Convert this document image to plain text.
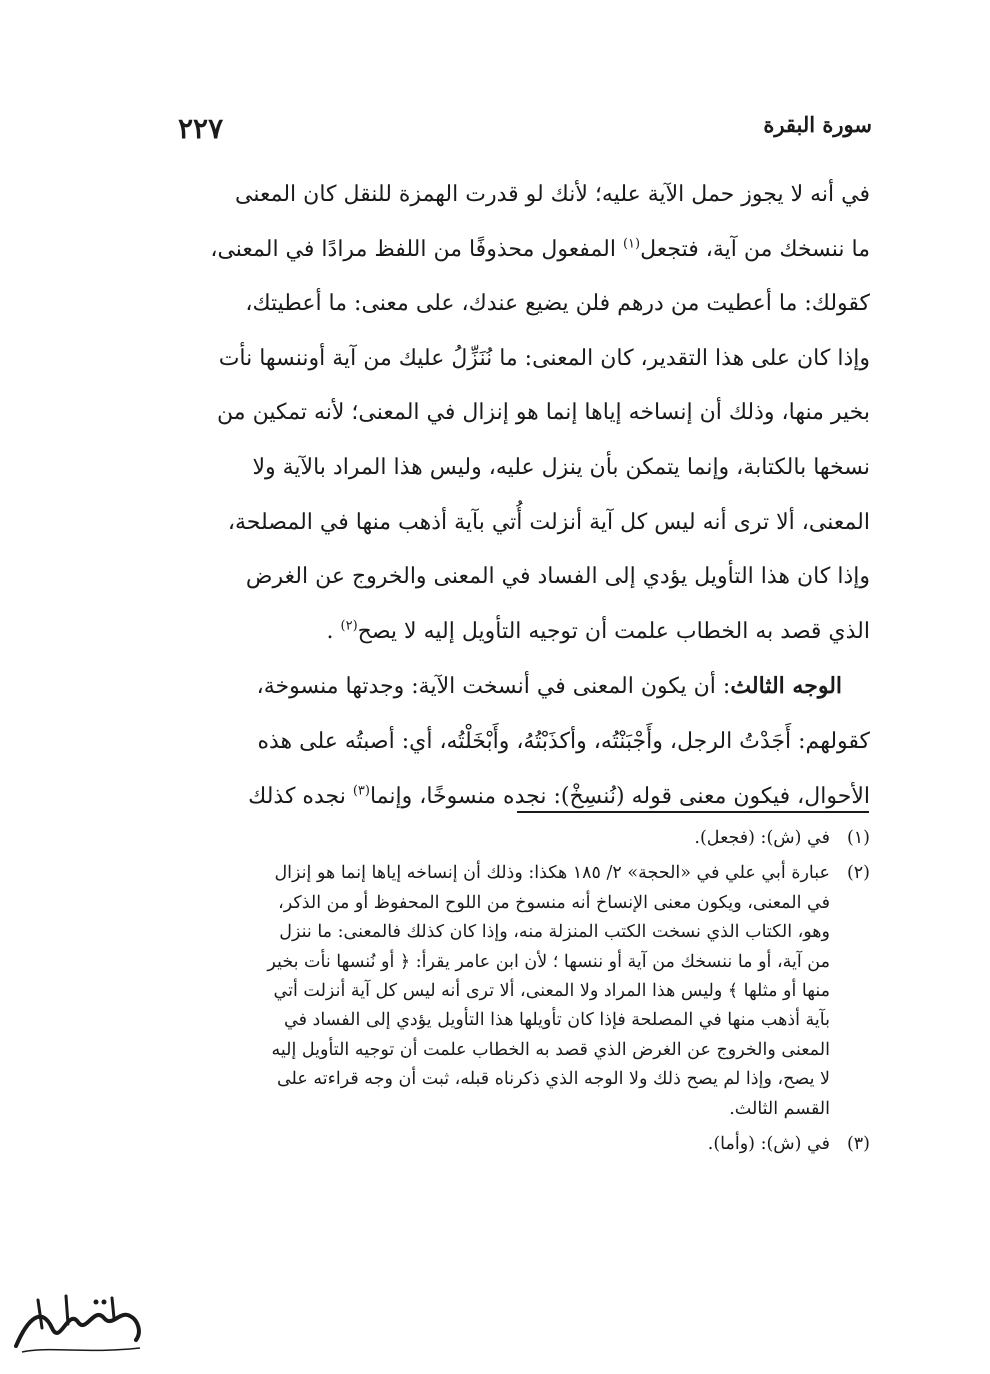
سورة البقرة
٢٢٧

في أنه لا يجوز حمل الآية عليه؛ لأنك لو قدرت الهمزة للنقل كان المعنى
ما ننسخك من آية، فتجعل$^{(١)}$ المفعول محذوفًا من اللفظ مرادًا في المعنى،
كقولك: ما أعطيت من درهم فلن يضيع عندك، على معنى: ما أعطيتك،
وإذا كان على هذا التقدير، كان المعنى: ما نُنَزِّلُ عليك من آية أوننسها نأت
بخير منها، وذلك أن إنساخه إياها إنما هو إنزال في المعنى؛ لأنه تمكين من
نسخها بالكتابة، وإنما يتمكن بأن ينزل عليه، وليس هذا المراد بالآية ولا
المعنى، ألا ترى أنه ليس كل آية أنزلت أُتي بآية أذهب منها في المصلحة،
وإذا كان هذا التأويل يؤدي إلى الفساد في المعنى والخروج عن الغرض
الذي قصد به الخطاب علمت أن توجيه التأويل إليه لا يصح$^{(٢)}$ .

الوجه الثالث: أن يكون المعنى في أنسخت الآية: وجدتها منسوخة،
كقولهم: أَجَدْتُ الرجل، وأَجْبَنْتُه، وأكذَبْتُهُ، وأَبْخَلْتُه، أي: أصبتُه على هذه
الأحوال، فيكون معنى قوله (نُنسِخْ): نجده منسوخًا، وإنما$^{(٣)}$ نجده كذلك

(١)
في (ش): (فجعل).
(٢)
عبارة أبي علي في «الحجة» ٢/ ١٨٥ هكذا: وذلك أن إنساخه إياها إنما هو إنزال
في المعنى، ويكون معنى الإنساخ أنه منسوخ من اللوح المحفوظ أو من الذكر،
وهو، الكتاب الذي نسخت الكتب المنزلة منه، وإذا كان كذلك فالمعنى: ما ننزل
من آية، أو ما ننسخك من آية أو ننسها ؛ لأن ابن عامر يقرأ: ﴿ أو نُنسها نأت بخير
منها أو مثلها ﴾ وليس هذا المراد ولا المعنى، ألا ترى أنه ليس كل آية أنزلت أتي
بآية أذهب منها في المصلحة فإذا كان تأويلها هذا التأويل يؤدي إلى الفساد في
المعنى والخروج عن الغرض الذي قصد به الخطاب علمت أن توجيه التأويل إليه
لا يصح، وإذا لم يصح ذلك ولا الوجه الذي ذكرناه قبله، ثبت أن وجه قراءته على
القسم الثالث.
(٣)
في (ش): (وأما).
